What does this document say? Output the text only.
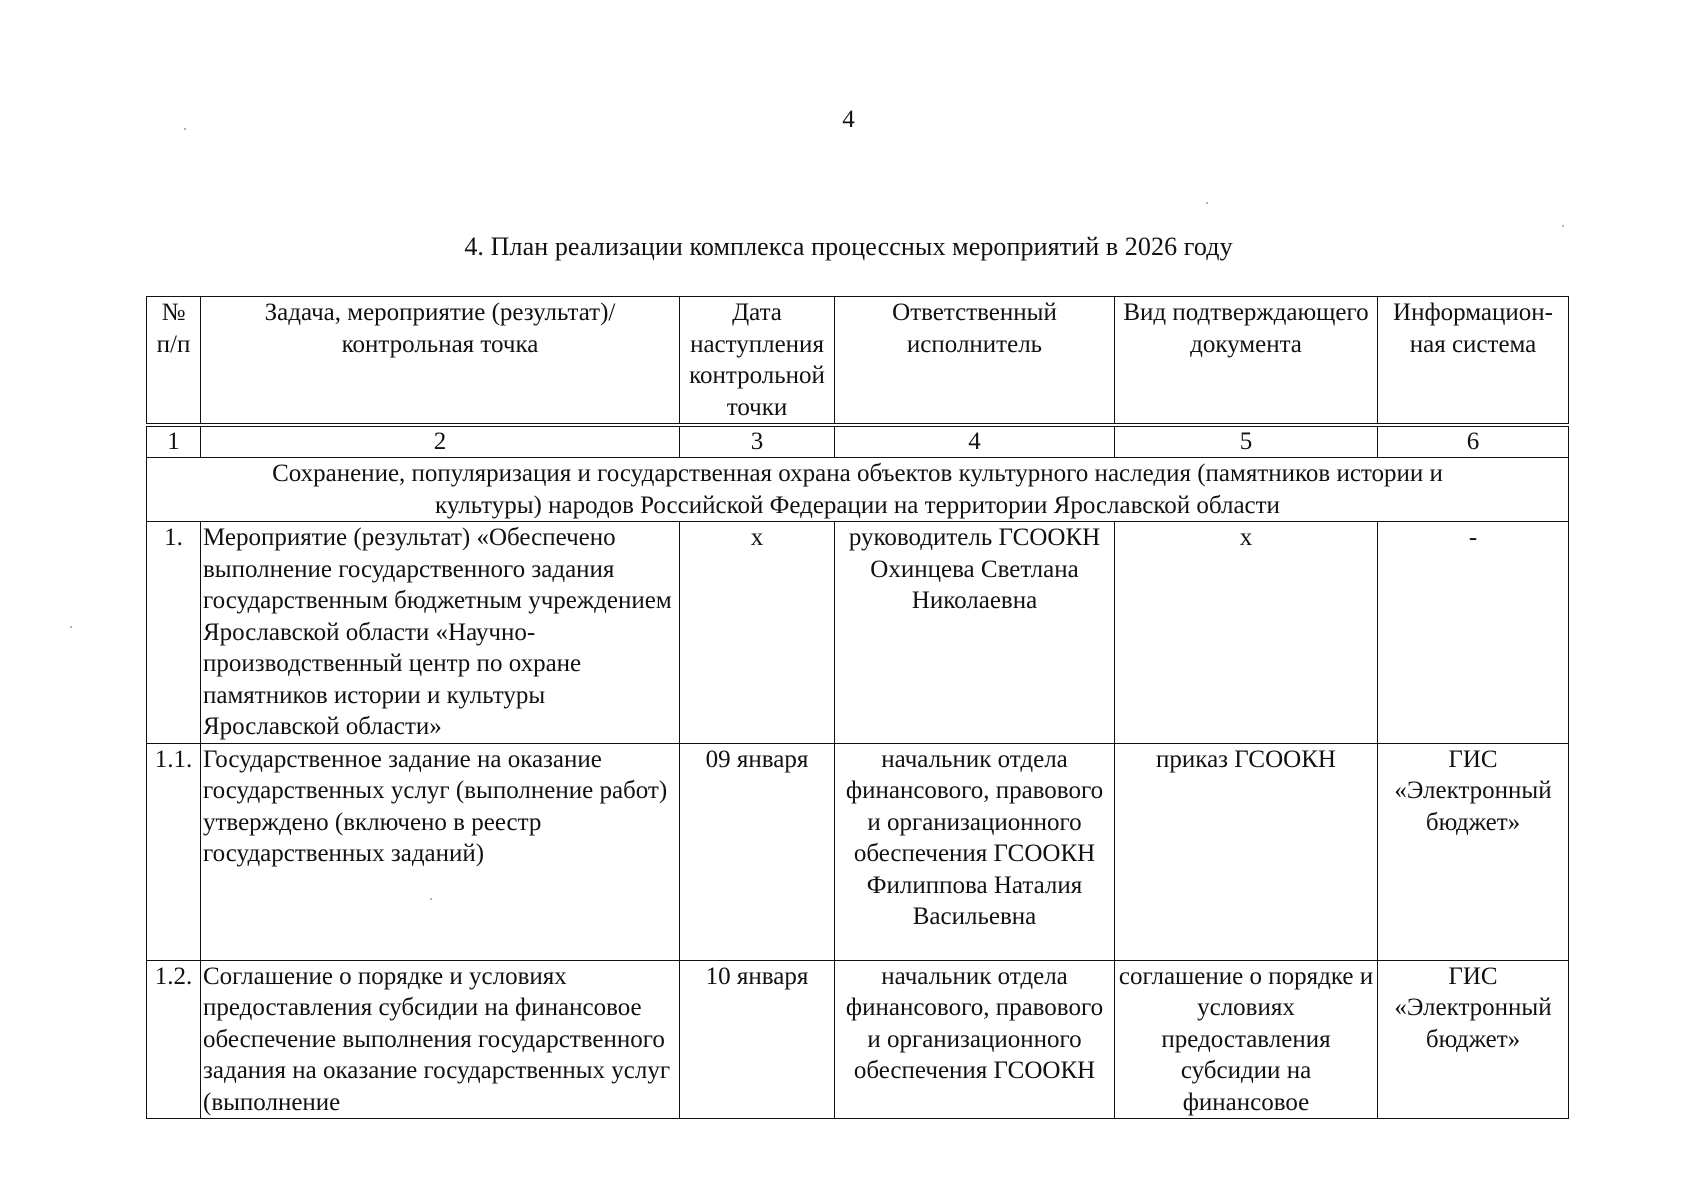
4
4. План реализации комплекса процессных мероприятий в 2026 году
№ п/п	Задача, мероприятие (результат)/ контрольная точка	Дата наступления контрольной точки	Ответственный исполнитель	Вид подтверждающего документа	Информацион-ная система
1	2	3	4	5	6
Сохранение, популяризация и государственная охрана объектов культурного наследия (памятников истории и культуры) народов Российской Федерации на территории Ярославской области					
1.	Мероприятие (результат) «Обеспечено выполнение государственного задания государственным бюджетным учреждением Ярославской области «Научно-производственный центр по охране памятников истории и культуры Ярославской области»	х	руководитель ГСООКН Охинцева Светлана Николаевна	х	-
1.1.	Государственное задание на оказание государственных услуг (выполнение работ) утверждено (включено в реестр государственных заданий)	09 января	начальник отдела финансового, правового и организационного обеспечения ГСООКН Филиппова Наталия Васильевна	приказ ГСООКН	ГИС «Электронный бюджет»
1.2.	Соглашение о порядке и условиях предоставления субсидии на финансовое обеспечение выполнения государственного задания на оказание государственных услуг (выполнение	10 января	начальник отдела финансового, правового и организационного обеспечения ГСООКН	соглашение о порядке и условиях предоставления субсидии на финансовое	ГИС «Электронный бюджет»
